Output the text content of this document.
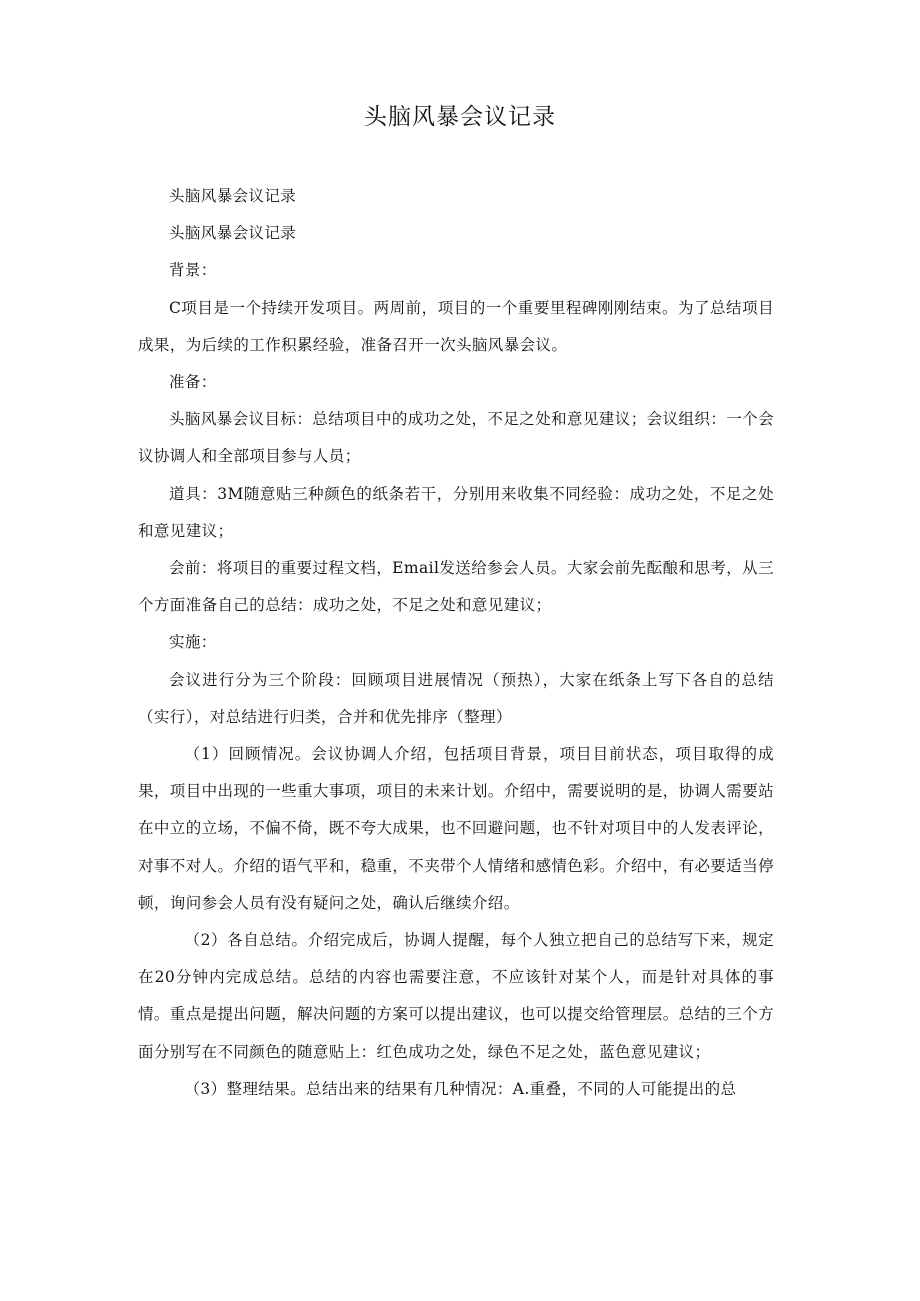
头脑风暴会议记录

头脑风暴会议记录

头脑风暴会议记录

背景：

C项目是一个持续开发项目。两周前，项目的一个重要里程碑刚刚结束。为了总结项目成果，为后续的工作积累经验，准备召开一次头脑风暴会议。

准备：

头脑风暴会议目标：总结项目中的成功之处，不足之处和意见建议；会议组织：一个会议协调人和全部项目参与人员；

道具：3M随意贴三种颜色的纸条若干，分别用来收集不同经验：成功之处，不足之处和意见建议；

会前：将项目的重要过程文档，Email发送给参会人员。大家会前先酝酿和思考，从三个方面准备自己的总结：成功之处，不足之处和意见建议；

实施：

会议进行分为三个阶段：回顾项目进展情况（预热），大家在纸条上写下各自的总结（实行），对总结进行归类，合并和优先排序（整理）

（1）回顾情况。会议协调人介绍，包括项目背景，项目目前状态，项目取得的成果，项目中出现的一些重大事项，项目的未来计划。介绍中，需要说明的是，协调人需要站在中立的立场，不偏不倚，既不夸大成果，也不回避问题，也不针对项目中的人发表评论，对事不对人。介绍的语气平和，稳重，不夹带个人情绪和感情色彩。介绍中，有必要适当停顿，询问参会人员有没有疑问之处，确认后继续介绍。

（2）各自总结。介绍完成后，协调人提醒，每个人独立把自己的总结写下来，规定在20分钟内完成总结。总结的内容也需要注意，不应该针对某个人，而是针对具体的事情。重点是提出问题，解决问题的方案可以提出建议，也可以提交给管理层。总结的三个方面分别写在不同颜色的随意贴上：红色成功之处，绿色不足之处，蓝色意见建议；

（3）整理结果。总结出来的结果有几种情况：A.重叠，不同的人可能提出的总
